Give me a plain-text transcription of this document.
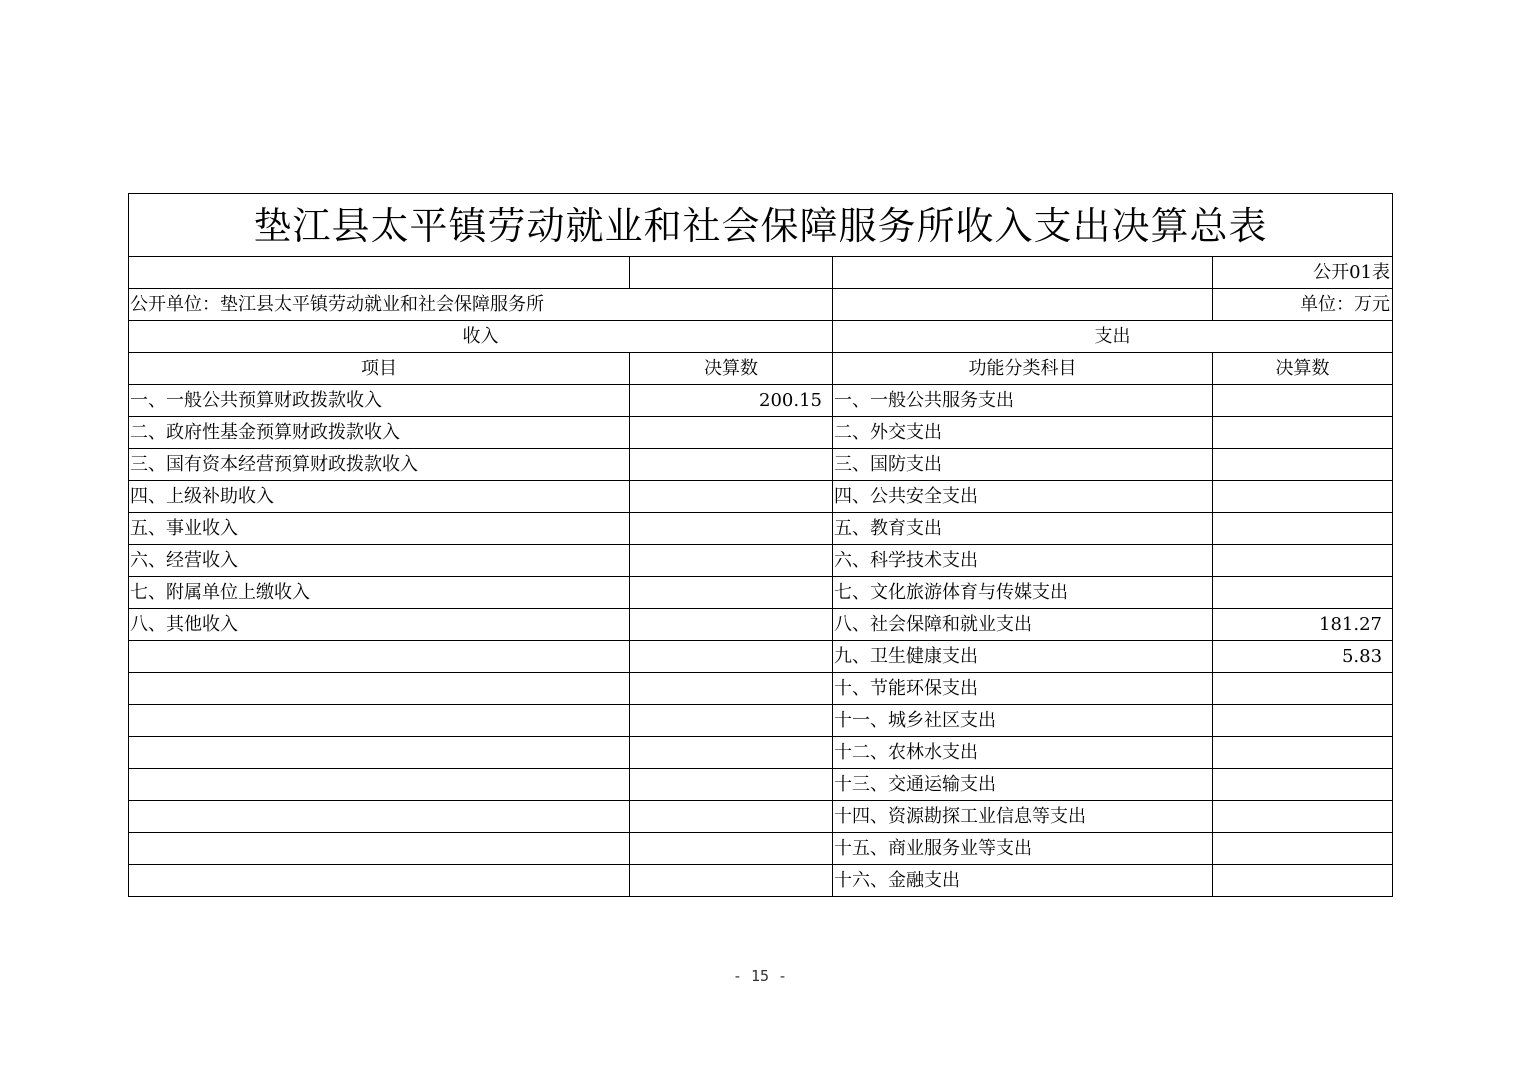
垫江县太平镇劳动就业和社会保障服务所收入支出决算总表			
			公开01表
公开单位：垫江县太平镇劳动就业和社会保障服务所			单位：万元
收入		支出	
项目	决算数	功能分类科目	决算数
一、一般公共预算财政拨款收入	200.15	一、一般公共服务支出	
二、政府性基金预算财政拨款收入		二、外交支出	
三、国有资本经营预算财政拨款收入		三、国防支出	
四、上级补助收入		四、公共安全支出	
五、事业收入		五、教育支出	
六、经营收入		六、科学技术支出	
七、附属单位上缴收入		七、文化旅游体育与传媒支出	
八、其他收入		八、社会保障和就业支出	181.27
		九、卫生健康支出	5.83
		十、节能环保支出	
		十一、城乡社区支出	
		十二、农林水支出	
		十三、交通运输支出	
		十四、资源勘探工业信息等支出	
		十五、商业服务业等支出	
		十六、金融支出	
- 15 -
